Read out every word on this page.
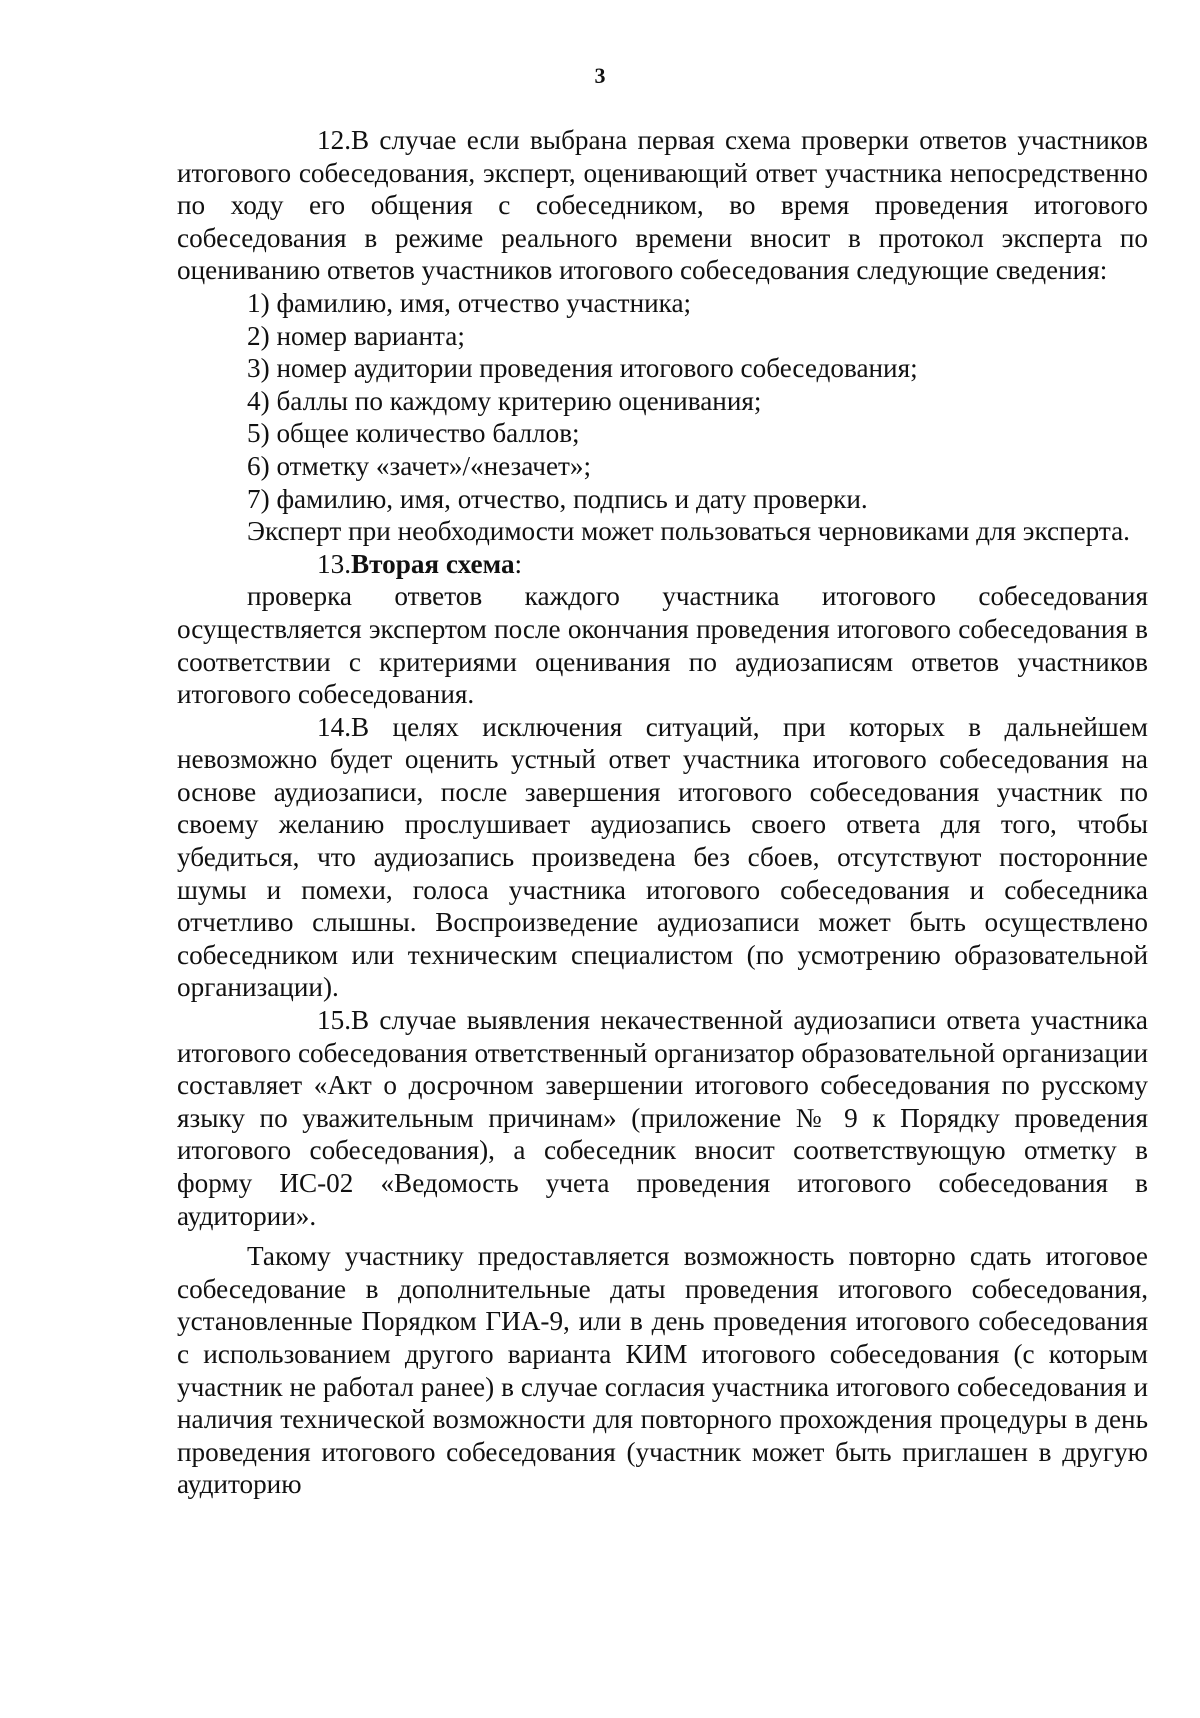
3

12.В случае если выбрана первая схема проверки ответов участников итогового собеседования, эксперт, оценивающий ответ участника непосредственно по ходу его общения с собеседником, во время проведения итогового собеседования в режиме реального времени вносит в протокол эксперта по оцениванию ответов участников итогового собеседования следующие сведения:

1) фамилию, имя, отчество участника;
2) номер варианта;
3) номер аудитории проведения итогового собеседования;
4) баллы по каждому критерию оценивания;
5) общее количество баллов;
6) отметку «зачет»/«незачет»;
7) фамилию, имя, отчество, подпись и дату проверки.

Эксперт при необходимости может пользоваться черновиками для эксперта.

13.Вторая схема:

проверка ответов каждого участника итогового собеседования осуществляется экспертом после окончания проведения итогового собеседования в соответствии с критериями оценивания по аудиозаписям ответов участников итогового собеседования.

14.В целях исключения ситуаций, при которых в дальнейшем невозможно будет оценить устный ответ участника итогового собеседования на основе аудиозаписи, после завершения итогового собеседования участник по своему желанию прослушивает аудиозапись своего ответа для того, чтобы убедиться, что аудиозапись произведена без сбоев, отсутствуют посторонние шумы и помехи, голоса участника итогового собеседования и собеседника отчетливо слышны. Воспроизведение аудиозаписи может быть осуществлено собеседником или техническим специалистом (по усмотрению образовательной организации).

15.В случае выявления некачественной аудиозаписи ответа участника итогового собеседования ответственный организатор образовательной организации составляет «Акт о досрочном завершении итогового собеседования по русскому языку по уважительным причинам» (приложение № 9 к Порядку проведения итогового собеседования), а собеседник вносит соответствующую отметку в форму ИС-02 «Ведомость учета проведения итогового собеседования в аудитории».

Такому участнику предоставляется возможность повторно сдать итоговое собеседование в дополнительные даты проведения итогового собеседования, установленные Порядком ГИА-9, или в день проведения итогового собеседования с использованием другого варианта КИМ итогового собеседования (с которым участник не работал ранее) в случае согласия участника итогового собеседования и наличия технической возможности для повторного прохождения процедуры в день проведения итогового собеседования (участник может быть приглашен в другую аудиторию
